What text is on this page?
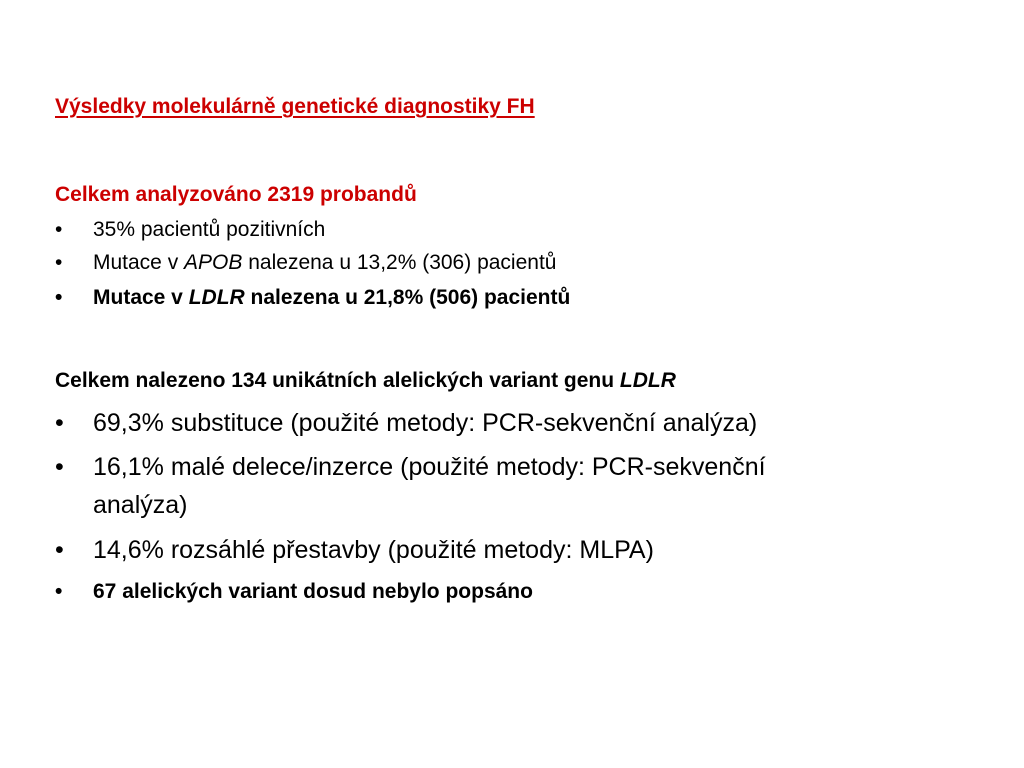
Výsledky molekulárně genetické diagnostiky FH
Celkem analyzováno 2319 probandů
• 35% pacientů pozitivních
• Mutace v APOB nalezena u 13,2% (306) pacientů
• Mutace v LDLR nalezena u 21,8% (506) pacientů
Celkem nalezeno 134 unikátních alelických variant genu LDLR
• 69,3% substituce (použité metody: PCR-sekvenční analýza)
• 16,1% malé delece/inzerce (použité metody: PCR-sekvenční
analýza)
• 14,6% rozsáhlé přestavby (použité metody: MLPA)
• 67 alelických variant dosud nebylo popsáno
